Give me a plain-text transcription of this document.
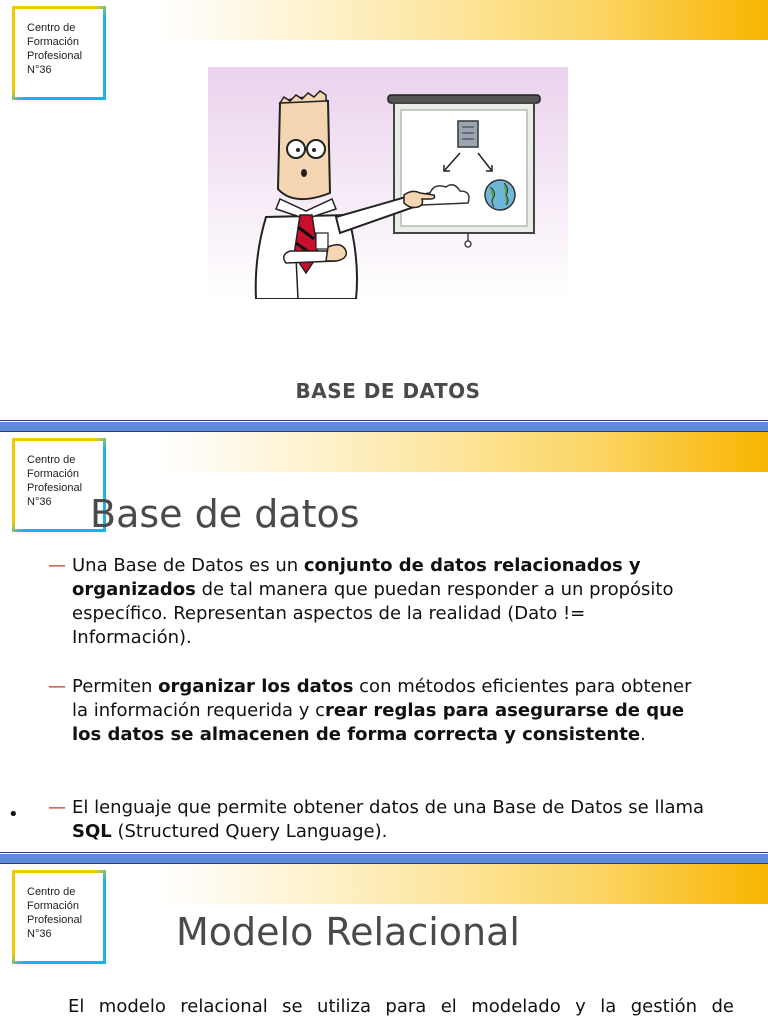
Centro de
Formación
Profesional
N°36

BASE DE DATOS

Centro de
Formación
Profesional
N°36	Base de datos
— Una Base de Datos es un conjunto de datos relacionados y organizados de tal manera que puedan responder a un propósito específico. Representan aspectos de la realidad (Dato != Información).
— Permiten organizar los datos con métodos eficientes para obtener la información requerida y crear reglas para asegurarse de que los datos se almacenen de forma correcta y consistente.
— El lenguaje que permite obtener datos de una Base de Datos se llama SQL (Structured Query Language).
•

Centro de
Formación
Profesional
N°36	Modelo Relacional

El modelo relacional se utiliza para el modelado y la gestión de
